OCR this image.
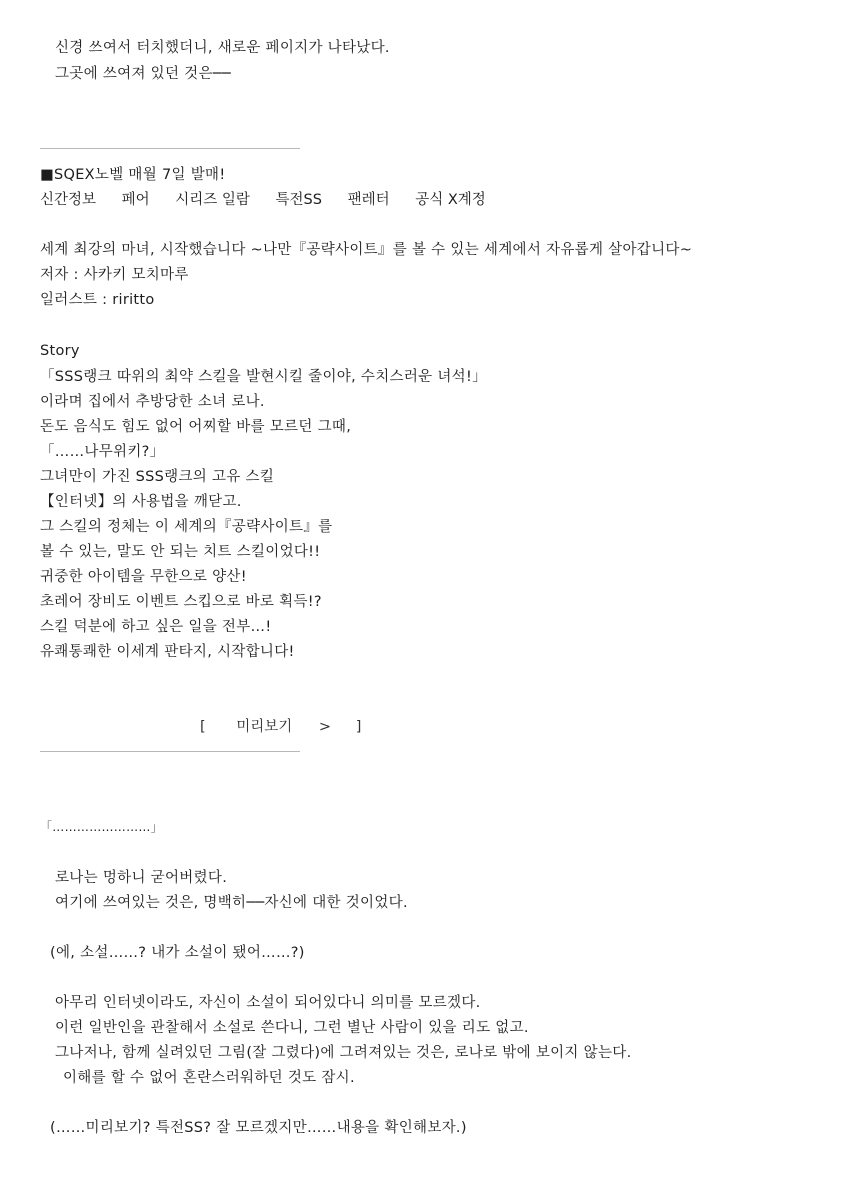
신경 쓰여서 터치했더니, 새로운 페이지가 나타났다.
그곳에 쓰여져 있던 것은──
■SQEX노벨 매월 7일 발매!
신간정보 페어 시리즈 일람 특전SS 팬레터 공식 X계정
세계 최강의 마녀, 시작했습니다 ~나만『공략사이트』를 볼 수 있는 세계에서 자유롭게 살아갑니다~
저자 : 사카키 모치마루
일러스트 : riritto
Story
「SSS랭크 따위의 최약 스킬을 발현시킬 줄이야, 수치스러운 녀석!」
이라며 집에서 추방당한 소녀 로나.
돈도 음식도 힘도 없어 어찌할 바를 모르던 그때,
「……나무위키?」
그녀만이 가진 SSS랭크의 고유 스킬
【인터넷】의 사용법을 깨닫고.
그 스킬의 정체는 이 세계의『공략사이트』를
볼 수 있는, 말도 안 되는 치트 스킬이었다!!
귀중한 아이템을 무한으로 양산!
초레어 장비도 이벤트 스킵으로 바로 획득!?
스킬 덕분에 하고 싶은 일을 전부…!
유쾌통쾌한 이세계 판타지, 시작합니다!
[ 미리보기 > ]
「……………………」
로나는 멍하니 굳어버렸다.
여기에 쓰여있는 것은, 명백히──자신에 대한 것이었다.
(에, 소설……? 내가 소설이 됐어……?)
아무리 인터넷이라도, 자신이 소설이 되어있다니 의미를 모르겠다.
이런 일반인을 관찰해서 소설로 쓴다니, 그런 별난 사람이 있을 리도 없고.
그나저나, 함께 실려있던 그림(잘 그렸다)에 그려져있는 것은, 로나로 밖에 보이지 않는다.
이해를 할 수 없어 혼란스러워하던 것도 잠시.
(……미리보기? 특전SS? 잘 모르겠지만……내용을 확인해보자.)
